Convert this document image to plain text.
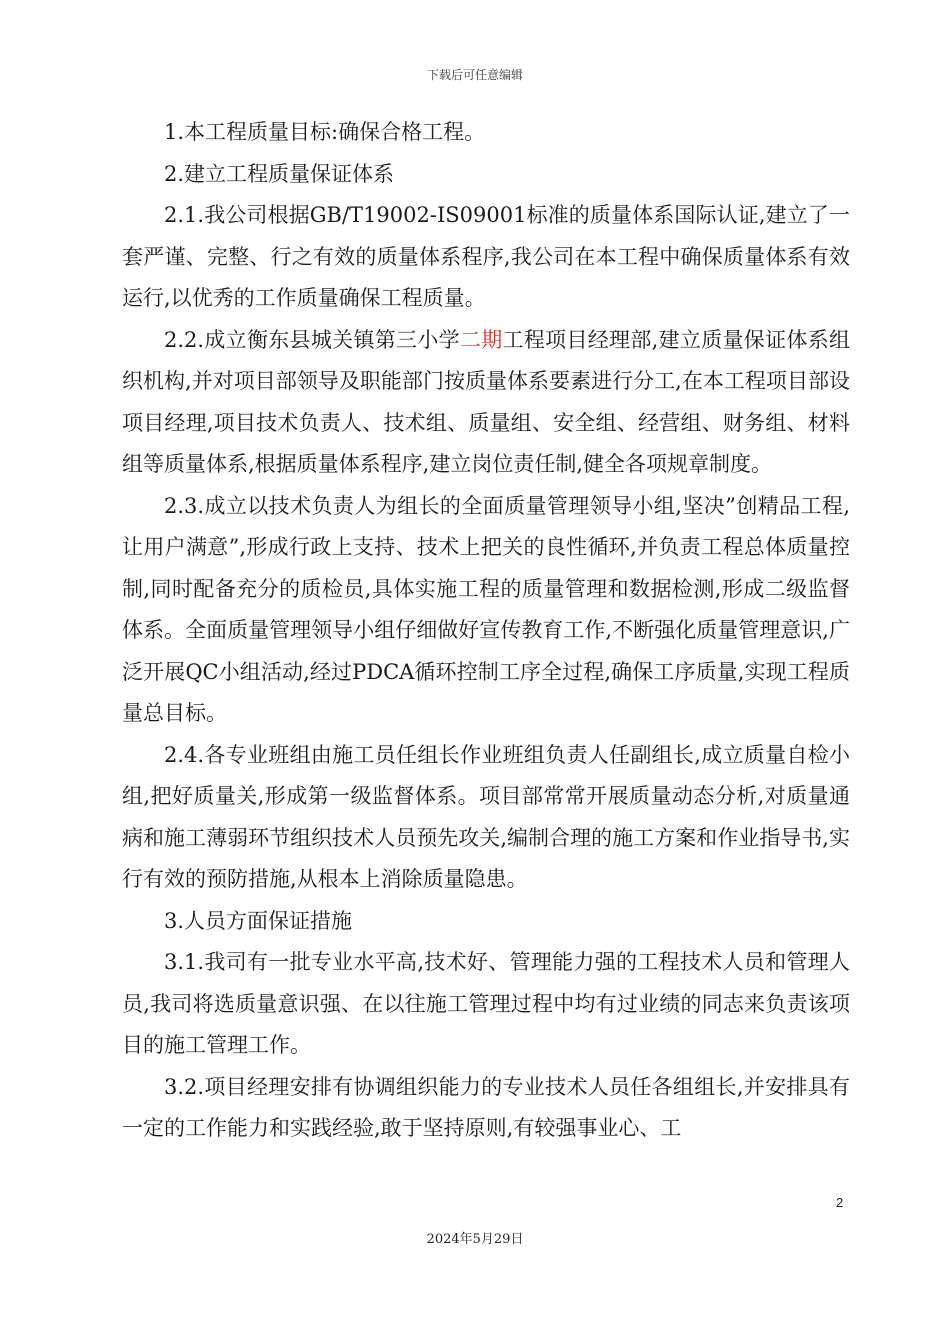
下载后可任意编辑

1.本工程质量目标:确保合格工程。

2.建立工程质量保证体系

2.1.我公司根据GB/T19002-IS09001标准的质量体系国际认证,建立了一套严谨、完整、行之有效的质量体系程序,我公司在本工程中确保质量体系有效运行,以优秀的工作质量确保工程质量。

2.2.成立衡东县城关镇第三小学二期工程项目经理部,建立质量保证体系组织机构,并对项目部领导及职能部门按质量体系要素进行分工,在本工程项目部设项目经理,项目技术负责人、技术组、质量组、安全组、经营组、财务组、材料组等质量体系,根据质量体系程序,建立岗位责任制,健全各项规章制度。

2.3.成立以技术负责人为组长的全面质量管理领导小组,坚决”创精品工程,让用户满意”,形成行政上支持、技术上把关的良性循环,并负责工程总体质量控制,同时配备充分的质检员,具体实施工程的质量管理和数据检测,形成二级监督体系。全面质量管理领导小组仔细做好宣传教育工作,不断强化质量管理意识,广泛开展QC小组活动,经过PDCA循环控制工序全过程,确保工序质量,实现工程质量总目标。

2.4.各专业班组由施工员任组长作业班组负责人任副组长,成立质量自检小组,把好质量关,形成第一级监督体系。项目部常常开展质量动态分析,对质量通病和施工薄弱环节组织技术人员预先攻关,编制合理的施工方案和作业指导书,实行有效的预防措施,从根本上消除质量隐患。

3.人员方面保证措施

3.1.我司有一批专业水平高,技术好、管理能力强的工程技术人员和管理人员,我司将选质量意识强、在以往施工管理过程中均有过业绩的同志来负责该项目的施工管理工作。

3.2.项目经理安排有协调组织能力的专业技术人员任各组组长,并安排具有一定的工作能力和实践经验,敢于坚持原则,有较强事业心、工

2
2024年5月29日
